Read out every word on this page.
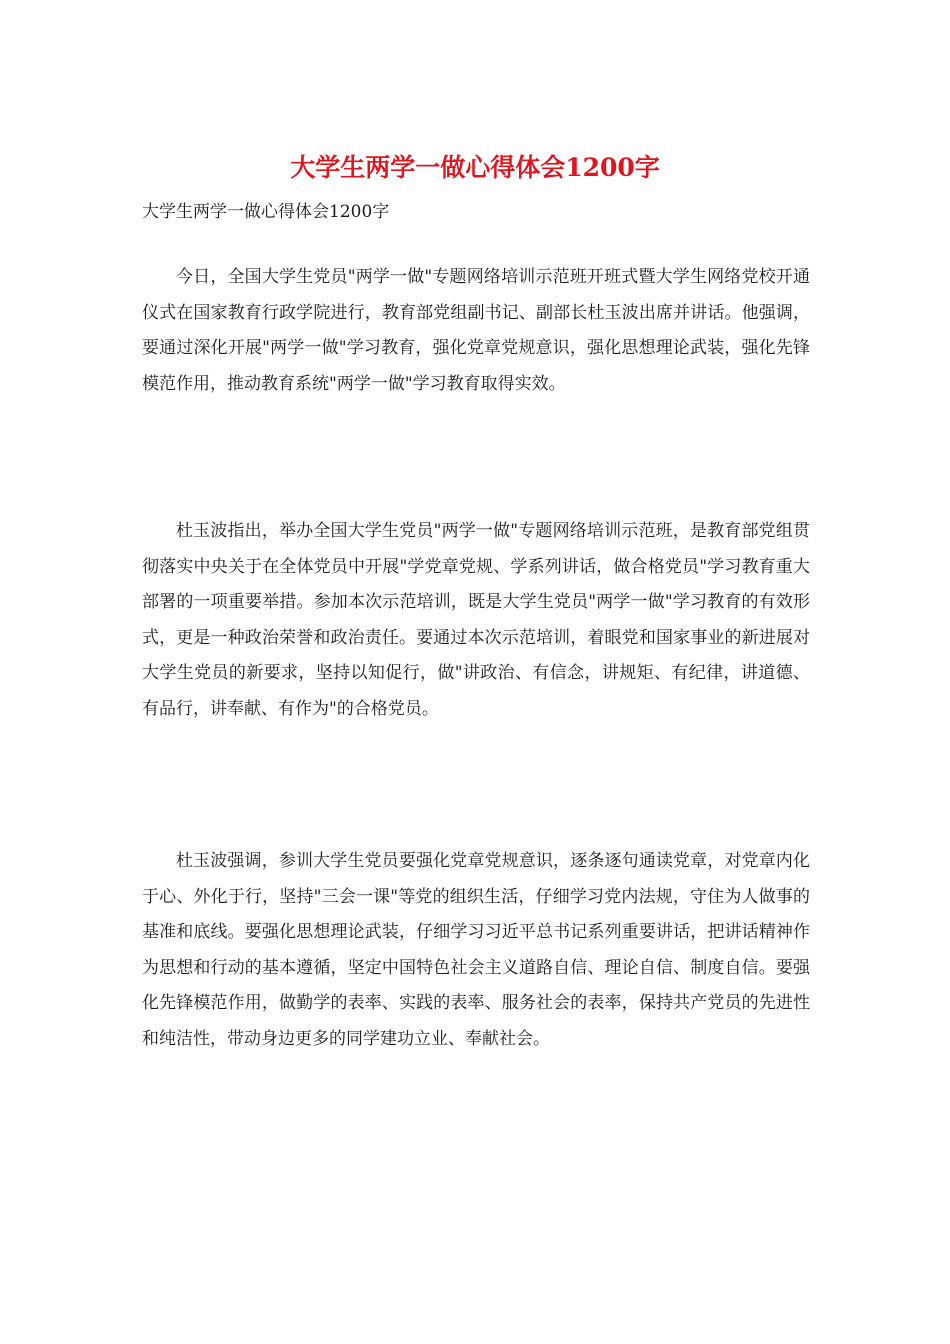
大学生两学一做心得体会1200字

大学生两学一做心得体会1200字

今日，全国大学生党员"两学一做"专题网络培训示范班开班式暨大学生网络党校开通仪式在国家教育行政学院进行，教育部党组副书记、副部长杜玉波出席并讲话。他强调，要通过深化开展"两学一做"学习教育，强化党章党规意识，强化思想理论武装，强化先锋模范作用，推动教育系统"两学一做"学习教育取得实效。

杜玉波指出，举办全国大学生党员"两学一做"专题网络培训示范班，是教育部党组贯彻落实中央关于在全体党员中开展"学党章党规、学系列讲话，做合格党员"学习教育重大部署的一项重要举措。参加本次示范培训，既是大学生党员"两学一做"学习教育的有效形式，更是一种政治荣誉和政治责任。要通过本次示范培训，着眼党和国家事业的新进展对大学生党员的新要求，坚持以知促行，做"讲政治、有信念，讲规矩、有纪律，讲道德、有品行，讲奉献、有作为"的合格党员。

杜玉波强调，参训大学生党员要强化党章党规意识，逐条逐句通读党章，对党章内化于心、外化于行，坚持"三会一课"等党的组织生活，仔细学习党内法规，守住为人做事的基准和底线。要强化思想理论武装，仔细学习习近平总书记系列重要讲话，把讲话精神作为思想和行动的基本遵循，坚定中国特色社会主义道路自信、理论自信、制度自信。要强化先锋模范作用，做勤学的表率、实践的表率、服务社会的表率，保持共产党员的先进性和纯洁性，带动身边更多的同学建功立业、奉献社会。
